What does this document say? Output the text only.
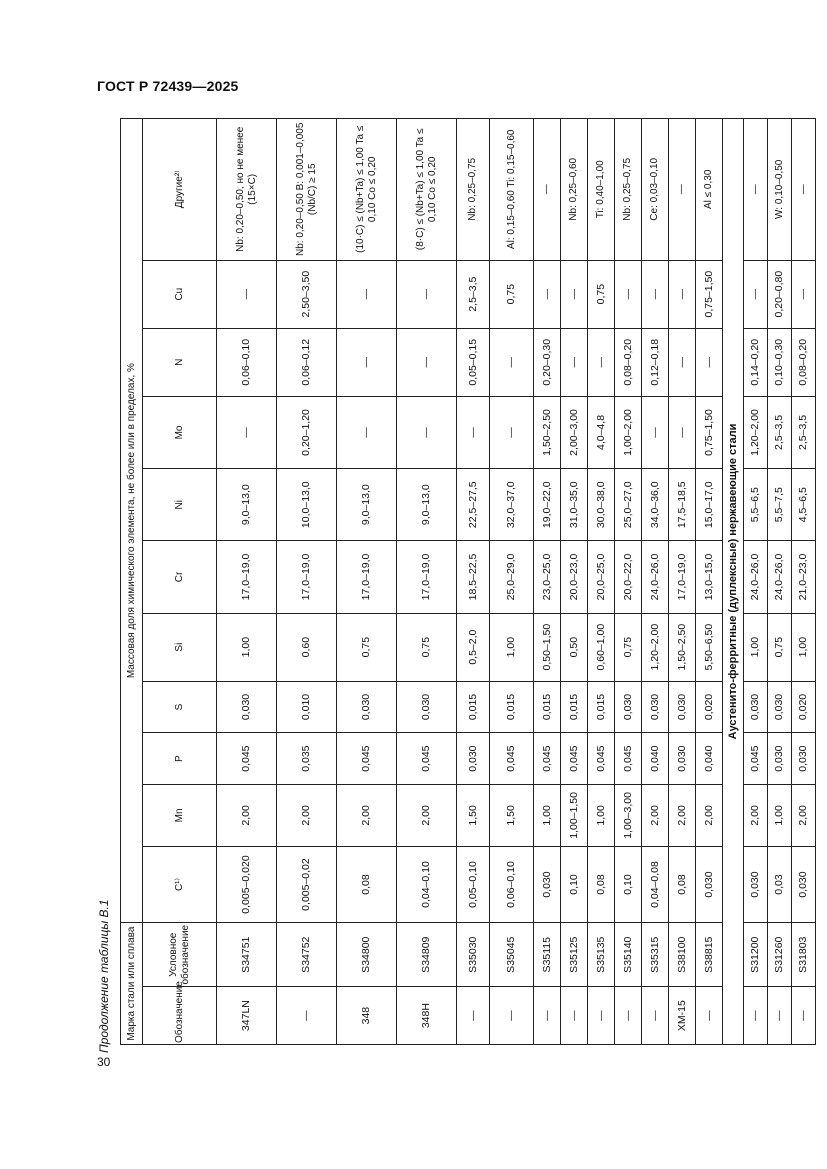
ГОСТ Р 72439—2025
30
Марка стали или сплава		Массовая доля химического элемента, не более или в пределах, %										
Обозначение	Условное обозначение	C¹⁾	Mn	P	S	Si	Cr	Ni	Mo	N	Cu	Другие²⁾
347LN	S34751	0,005–0,020	2,00	0,045	0,030	1,00	17,0–19,0	9,0–13,0	—	0,06–0,10	—	Nb: 0,20–0,50, но не менее (15×C)
—	S34752	0,005–0,02	2,00	0,035	0,010	0,60	17,0–19,0	10,0–13,0	0,20–1,20	0,06–0,12	2,50–3,50	Nb: 0,20–0,50 B: 0,001–0,005 (Nb/C) ≥ 15
348	S34800	0,08	2,00	0,045	0,030	0,75	17,0–19,0	9,0–13,0	—	—	—	(10·C) ≤ (Nb+Ta) ≤ 1,00 Ta ≤ 0,10 Co ≤ 0,20
348H	S34809	0,04–0,10	2,00	0,045	0,030	0,75	17,0–19,0	9,0–13,0	—	—	—	(8·C) ≤ (Nb+Ta) ≤ 1,00 Ta ≤ 0,10 Co ≤ 0,20
—	S35030	0,05–0,10	1,50	0,030	0,015	0,5–2,0	18,5–22,5	22,5–27,5	—	0,05–0,15	2,5–3,5	Nb: 0,25–0,75
—	S35045	0,06–0,10	1,50	0,045	0,015	1,00	25,0–29,0	32,0–37,0	—	—	0,75	Al: 0,15–0,60 Ti: 0,15–0,60
—	S35115	0,030	1,00	0,045	0,015	0,50–1,50	23,0–25,0	19,0–22,0	1,50–2,50	0,20–0,30	—	—
—	S35125	0,10	1,00–1,50	0,045	0,015	0,50	20,0–23,0	31,0–35,0	2,00–3,00	—	—	Nb: 0,25–0,60
—	S35135	0,08	1,00	0,045	0,015	0,60–1,00	20,0–25,0	30,0–38,0	4,0–4,8	—	0,75	Ti: 0,40–1,00
—	S35140	0,10	1,00–3,00	0,045	0,030	0,75	20,0–22,0	25,0–27,0	1,00–2,00	0,08–0,20	—	Nb: 0,25–0,75
—	S35315	0,04–0,08	2,00	0,040	0,030	1,20–2,00	24,0–26,0	34,0–36,0	—	0,12–0,18	—	Ce: 0,03–0,10
XM-15	S38100	0,08	2,00	0,030	0,030	1,50–2,50	17,0–19,0	17,5–18,5	—	—	—	—
—	S38815	0,030	2,00	0,040	0,020	5,50–6,50	13,0–15,0	15,0–17,0	0,75–1,50	—	0,75–1,50	Al ≤ 0,30
Аустенито-ферритные (дуплексные) нержавеющие стали												
—	S31200	0,030	2,00	0,045	0,030	1,00	24,0–26,0	5,5–6,5	1,20–2,00	0,14–0,20	—	—
—	S31260	0,03	1,00	0,030	0,030	0,75	24,0–26,0	5,5–7,5	2,5–3,5	0,10–0,30	0,20–0,80	W: 0,10–0,50
—	S31803	0,030	2,00	0,030	0,020	1,00	21,0–23,0	4,5–6,5	2,5–3,5	0,08–0,20	—	—
Продолжение таблицы В.1
